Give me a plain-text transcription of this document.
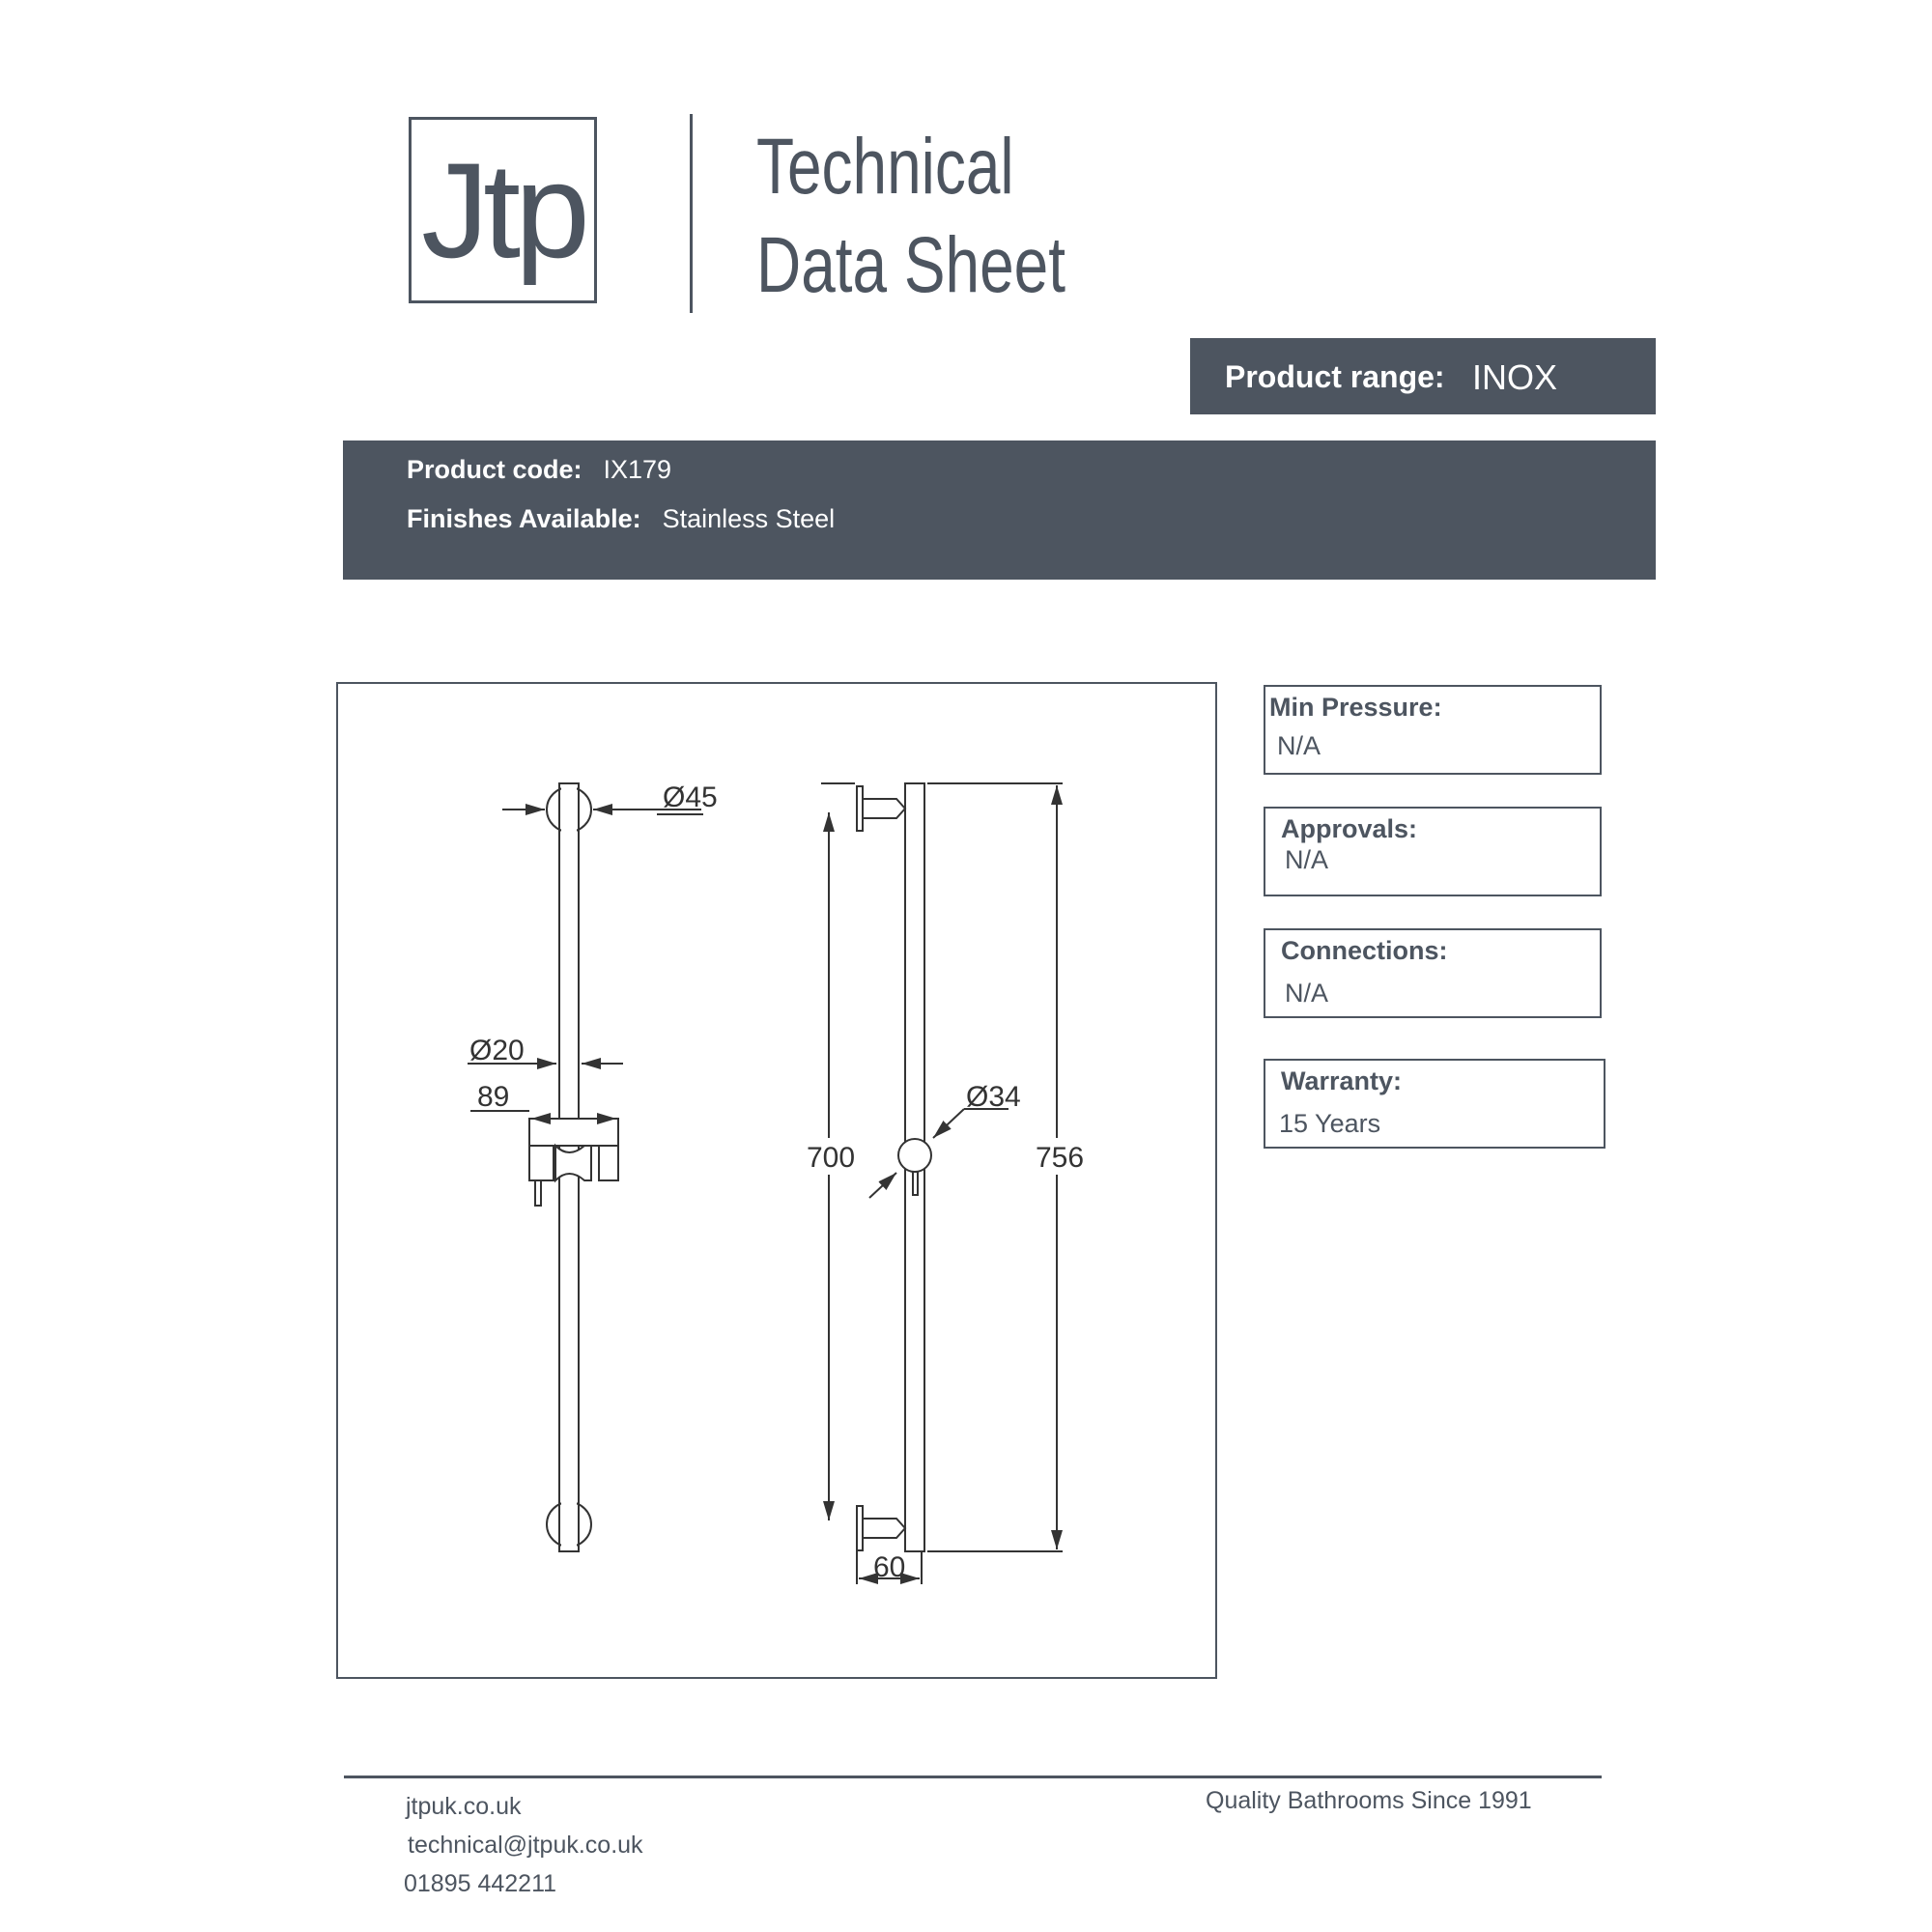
Jtp Technical
Data Sheet
Product range: INOX
Product code: IX179
Finishes Available: Stainless Steel
Ø45
Ø20
89	Ø34
700	756
60
Min Pressure:
N/A
Approvals:
N/A
Connections:
N/A
Warranty:
15 Years
jtpuk.co.uk
technical@jtpuk.co.uk
01895 442211
Quality Bathrooms Since 1991
